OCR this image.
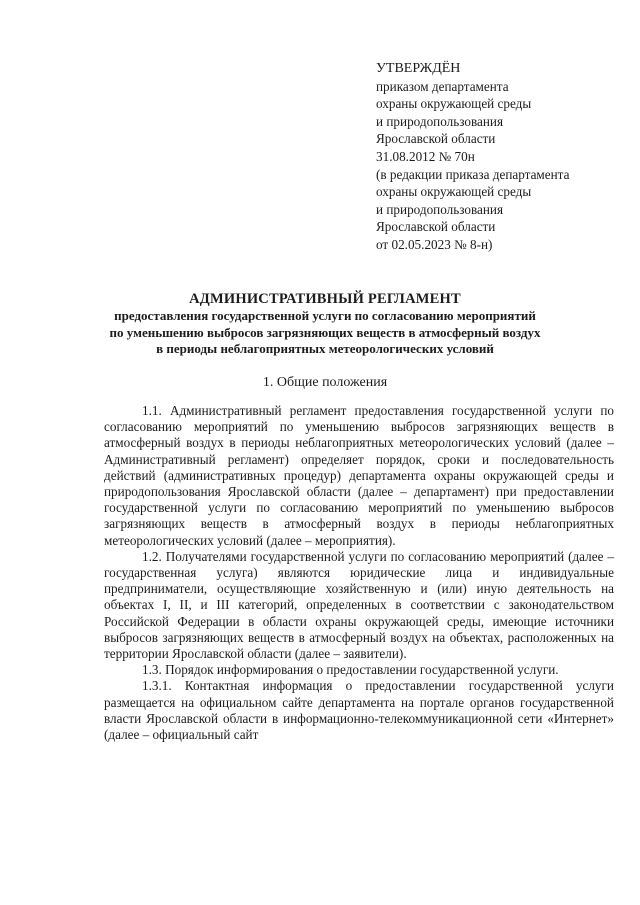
УТВЕРЖДЁН
приказом департамента
охраны окружающей среды
и природопользования
Ярославской области
31.08.2012 № 70н
(в редакции приказа департамента
охраны окружающей среды
и природопользования
Ярославской области
от 02.05.2023 № 8-н)
АДМИНИСТРАТИВНЫЙ РЕГЛАМЕНТ
предоставления государственной услуги по согласованию мероприятий
по уменьшению выбросов загрязняющих веществ в атмосферный воздух
в периоды неблагоприятных метеорологических условий
1. Общие положения

1.1. Административный регламент предоставления государственной услуги по согласованию мероприятий по уменьшению выбросов загрязняющих веществ в атмосферный воздух в периоды неблагоприятных метеорологических условий (далее – Административный регламент) определяет порядок, сроки и последовательность действий (административных процедур) департамента охраны окружающей среды и природопользования Ярославской области (далее – департамент) при предоставлении государственной услуги по согласованию мероприятий по уменьшению выбросов загрязняющих веществ в атмосферный воздух в периоды неблагоприятных метеорологических условий (далее – мероприятия).

1.2. Получателями государственной услуги по согласованию мероприятий (далее – государственная услуга) являются юридические лица и индивидуальные предприниматели, осуществляющие хозяйственную и (или) иную деятельность на объектах I, II, и III категорий, определенных в соответствии с законодательством Российской Федерации в области охраны окружающей среды, имеющие источники выбросов загрязняющих веществ в атмосферный воздух на объектах, расположенных на территории Ярославской области (далее – заявители).

1.3. Порядок информирования о предоставлении государственной услуги.

1.3.1. Контактная информация о предоставлении государственной услуги размещается на официальном сайте департамента на портале органов государственной власти Ярославской области в информационно-телекоммуникационной сети «Интернет» (далее – официальный сайт
